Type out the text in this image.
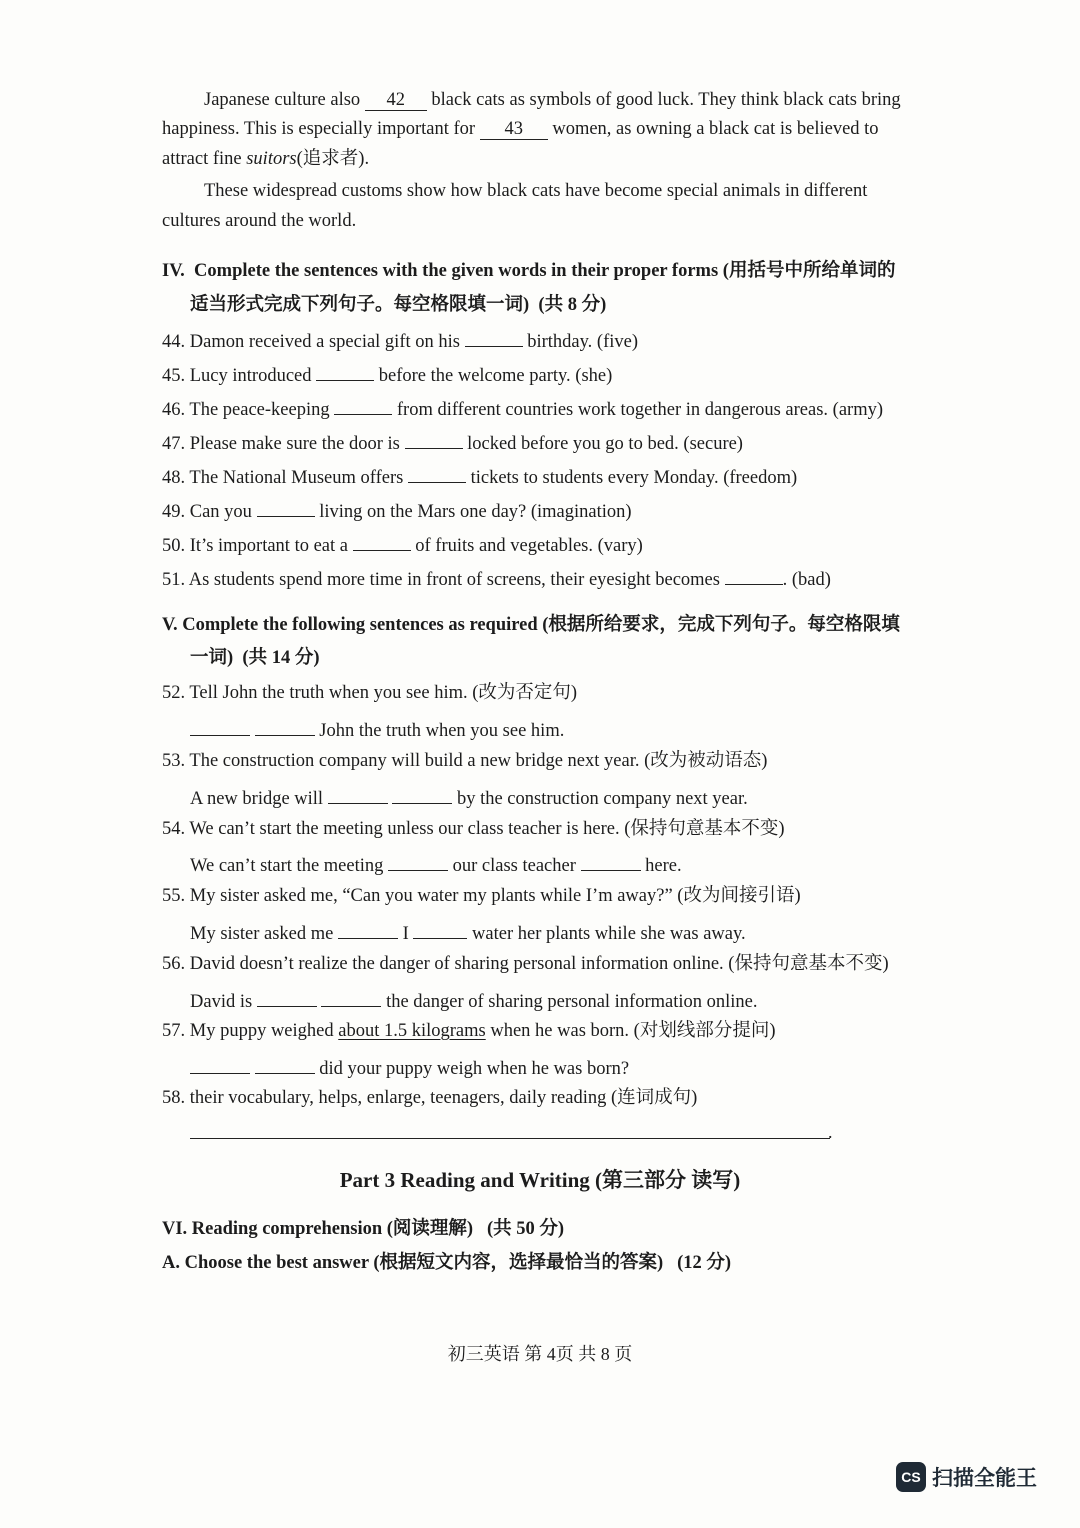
Japanese culture also 42 black cats as symbols of good luck. They think black cats bring
happiness. This is especially important for 43 women, as owning a black cat is believed to
attract fine suitors(追求者).
These widespread customs show how black cats have become special animals in different
cultures around the world.
IV.  Complete the sentences with the given words in their proper forms (用括号中所给单词的
适当形式完成下列句子。每空格限填一词)  (共 8 分)
44. Damon received a special gift on his	birthday. (five)
45. Lucy introduced	before the welcome party. (she)
46. The peace-keeping	from different countries work together in dangerous areas. (army)
47. Please make sure the door is	locked before you go to bed. (secure)
48. The National Museum offers	tickets to students every Monday. (freedom)
49. Can you	living on the Mars one day? (imagination)
50. It’s important to eat a	of fruits and vegetables. (vary)
51. As students spend more time in front of screens, their eyesight becomes	. (bad)
V. Complete the following sentences as required (根据所给要求，完成下列句子。每空格限填
一词)  (共 14 分)
52. Tell John the truth when you see him. (改为否定句)
John the truth when you see him.
53. The construction company will build a new bridge next year. (改为被动语态)
A new bridge will	by the construction company next year.
54. We can’t start the meeting unless our class teacher is here. (保持句意基本不变)
We can’t start the meeting	our class teacher	here.
55. My sister asked me, “Can you water my plants while I’m away?” (改为间接引语)
My sister asked me	I	water her plants while she was away.
56. David doesn’t realize the danger of sharing personal information online. (保持句意基本不变)
David is	the danger of sharing personal information online.
57. My puppy weighed about 1.5 kilograms when he was born. (对划线部分提问)
did your puppy weigh when he was born?
58. their vocabulary, helps, enlarge, teenagers, daily reading (连词成句)
.
Part 3 Reading and Writing (第三部分 读写)
VI. Reading comprehension (阅读理解)   (共 50 分)
A. Choose the best answer (根据短文内容，选择最恰当的答案)   (12 分)
初三英语 第 4页 共 8 页
CS 扫描全能王
